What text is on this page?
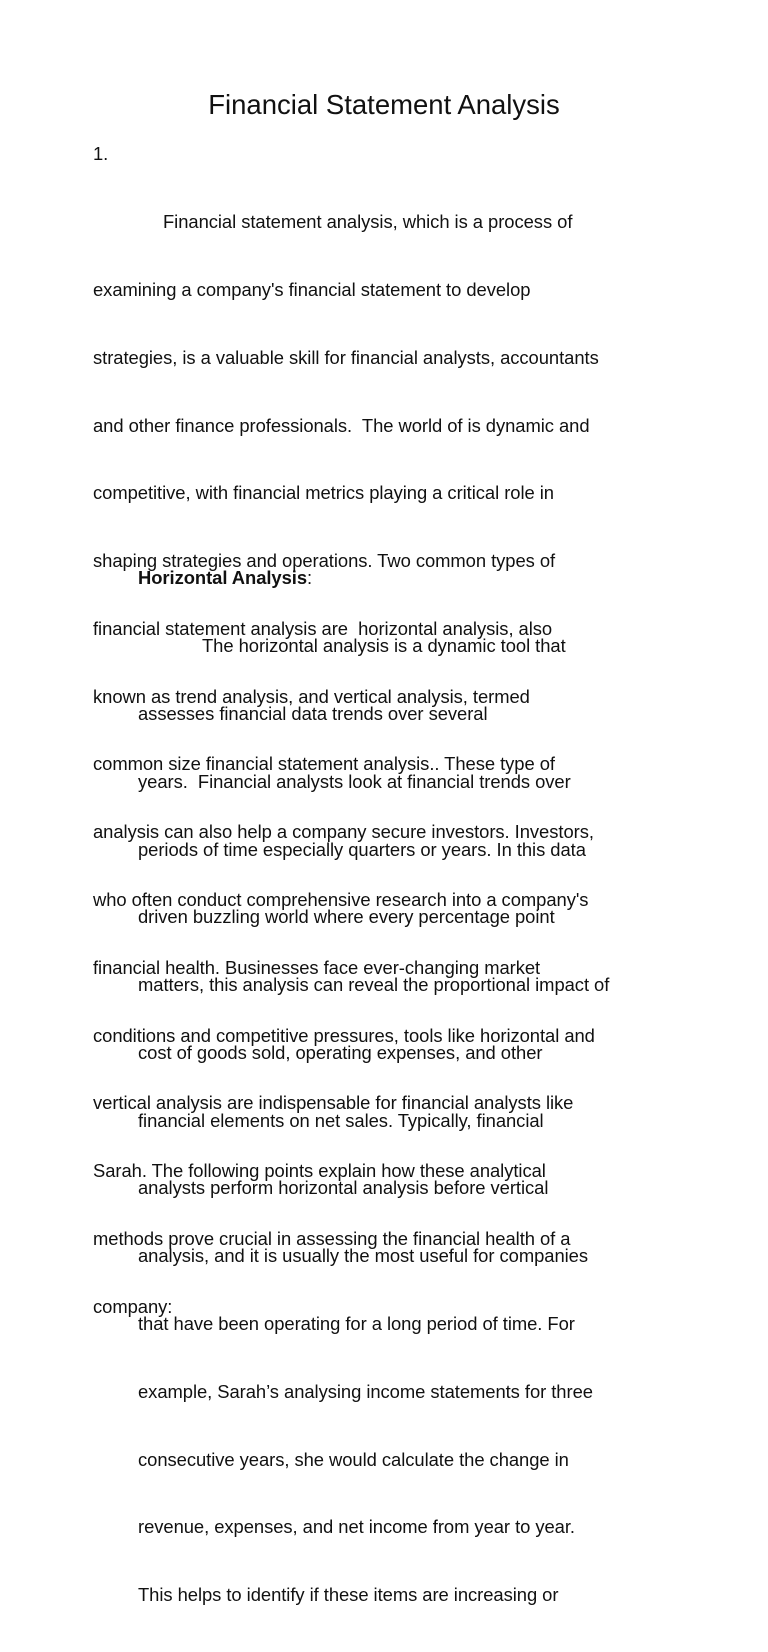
Financial Statement Analysis
1.

Financial statement analysis, which is a process of

examining a company's financial statement to develop

strategies, is a valuable skill for financial analysts, accountants

and other finance professionals.  The world of is dynamic and

competitive, with financial metrics playing a critical role in

shaping strategies and operations. Two common types of

financial statement analysis are  horizontal analysis, also

known as trend analysis, and vertical analysis, termed

common size financial statement analysis.. These type of

analysis can also help a company secure investors. Investors,

who often conduct comprehensive research into a company's

financial health. Businesses face ever-changing market

conditions and competitive pressures, tools like horizontal and

vertical analysis are indispensable for financial analysts like

Sarah. The following points explain how these analytical

methods prove crucial in assessing the financial health of a

company:

Horizontal Analysis:

The horizontal analysis is a dynamic tool that

assesses financial data trends over several

years.  Financial analysts look at financial trends over

periods of time especially quarters or years. In this data

driven buzzling world where every percentage point

matters, this analysis can reveal the proportional impact of

cost of goods sold, operating expenses, and other

financial elements on net sales. Typically, financial

analysts perform horizontal analysis before vertical

analysis, and it is usually the most useful for companies

that have been operating for a long period of time. For

example, Sarah’s analysing income statements for three

consecutive years, she would calculate the change in

revenue, expenses, and net income from year to year.

This helps to identify if these items are increasing or
